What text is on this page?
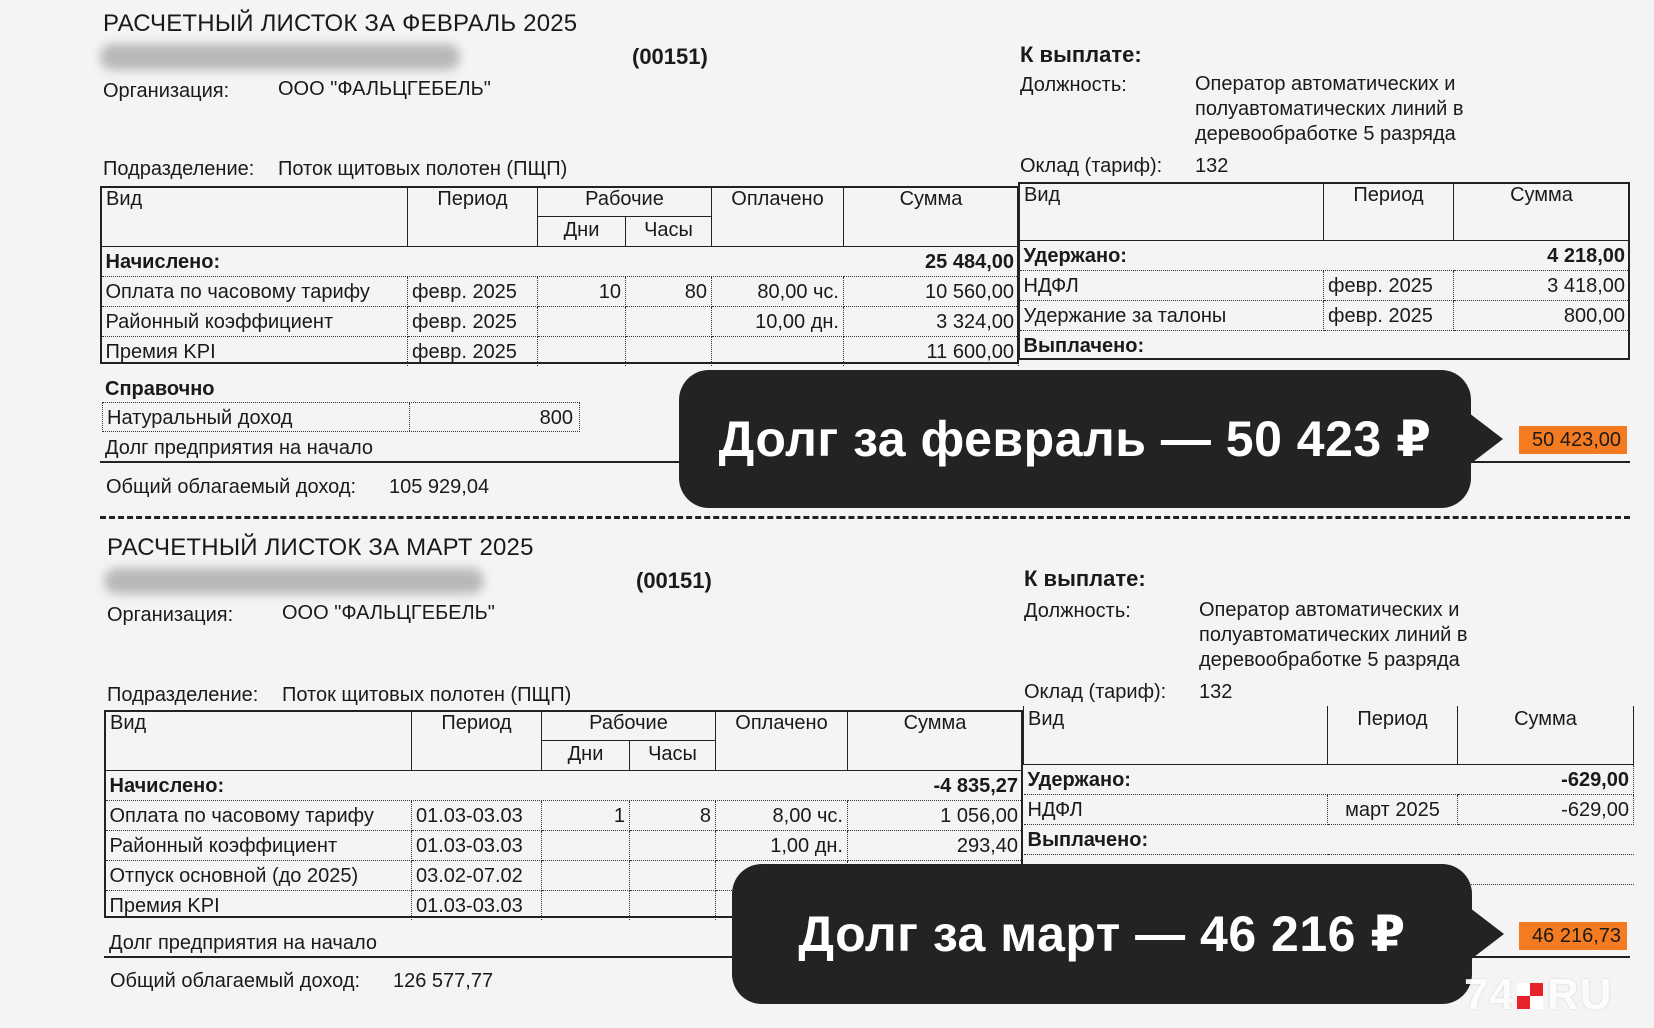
РАСЧЕТНЫЙ ЛИСТОК ЗА ФЕВРАЛЬ 2025
(00151)	К выплате:
Организация: ООО "ФАЛЬЦГЕБЕЛЬ"	Должность:	Оператор автоматических и
полуавтоматических линий в
деревообработке 5 разряда
Подразделение: Поток щитовых полотен (ПЩП)	Оклад (тариф): 132
Вид	Период	Рабочие		Оплачено	Сумма
		Дни	Часы		
Начислено:					25 484,00
Оплата по часовому тарифу	февр. 2025	10	80	80,00 чс.	10 560,00
Районный коэффициент	февр. 2025			10,00 дн.	3 324,00
Премия KPI	февр. 2025				11 600,00
Вид	Период	Сумма
Удержано:		4 218,00
НДФЛ	февр. 2025	3 418,00
Удержание за талоны	февр. 2025	800,00
Выплачено:		
Справочно
Натуральный доход	800
Долг предприятия на начало	50 423,00
Общий облагаемый доход: 105 929,04
Долг за февраль — 50 423 ₽
РАСЧЕТНЫЙ ЛИСТОК ЗА МАРТ 2025
(00151)	К выплате:
Организация: ООО "ФАЛЬЦГЕБЕЛЬ"	Должность:	Оператор автоматических и
полуавтоматических линий в
деревообработке 5 разряда
Подразделение: Поток щитовых полотен (ПЩП)	Оклад (тариф): 132
Вид	Период	Рабочие		Оплачено	Сумма
		Дни	Часы		
Начислено:					-4 835,27
Оплата по часовому тарифу	01.03-03.03	1	8	8,00 чс.	1 056,00
Районный коэффициент	01.03-03.03			1,00 дн.	293,40
Отпуск основной (до 2025)	03.02-07.02				
Премия KPI	01.03-03.03				
Вид	Период	Сумма
Удержано:		-629,00
НДФЛ	март 2025	-629,00
Выплачено:		

Долг предприятия на начало	46 216,73
Общий облагаемый доход: 126 577,77
Долг за март — 46 216 ₽
74 RU
